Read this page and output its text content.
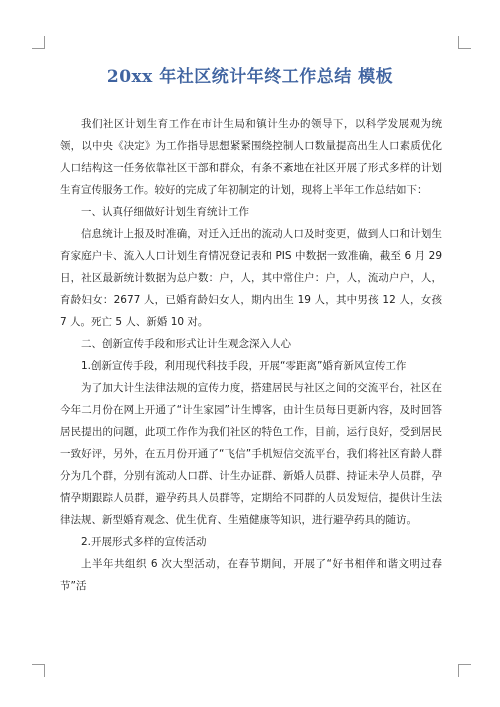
20xx 年社区统计年终工作总结 模板

我们社区计划生育工作在市计生局和镇计生办的领导下，以科学发展观为统领，以中央《决定》为工作指导思想紧紧围绕控制人口数量提高出生人口素质优化人口结构这一任务依靠社区干部和群众，有条不紊地在社区开展了形式多样的计划生育宣传服务工作。较好的完成了年初制定的计划，现将上半年工作总结如下：

一、认真仔细做好计划生育统计工作

信息统计上报及时准确，对迁入迁出的流动人口及时变更，做到人口和计划生育家庭户卡、流入人口计划生育情况登记表和 PIS 中数据一致准确，截至 6 月 29 日，社区最新统计数据为总户数：户，人，其中常住户：户，人，流动户户，人，育龄妇女：2677 人，已婚育龄妇女人，期内出生 19 人，其中男孩 12 人，女孩 7 人。死亡 5 人、新婚 10 对。

二、创新宣传手段和形式让计生观念深入人心

1.创新宣传手段，利用现代科技手段，开展“零距离”婚育新风宣传工作

为了加大计生法律法规的宣传力度，搭建居民与社区之间的交流平台，社区在今年二月份在网上开通了“计生家园”计生博客，由计生员每日更新内容，及时回答居民提出的问题，此项工作作为我们社区的特色工作，目前，运行良好，受到居民一致好评，另外，在五月份开通了“飞信”手机短信交流平台，我们将社区育龄人群分为几个群，分别有流动人口群、计生办证群、新婚人员群、持证未孕人员群，孕情孕期跟踪人员群，避孕药具人员群等，定期给不同群的人员发短信，提供计生法律法规、新型婚育观念、优生优育、生殖健康等知识，进行避孕药具的随访。

2.开展形式多样的宣传活动

上半年共组织 6 次大型活动，在春节期间，开展了“好书相伴和谐文明过春节”活
